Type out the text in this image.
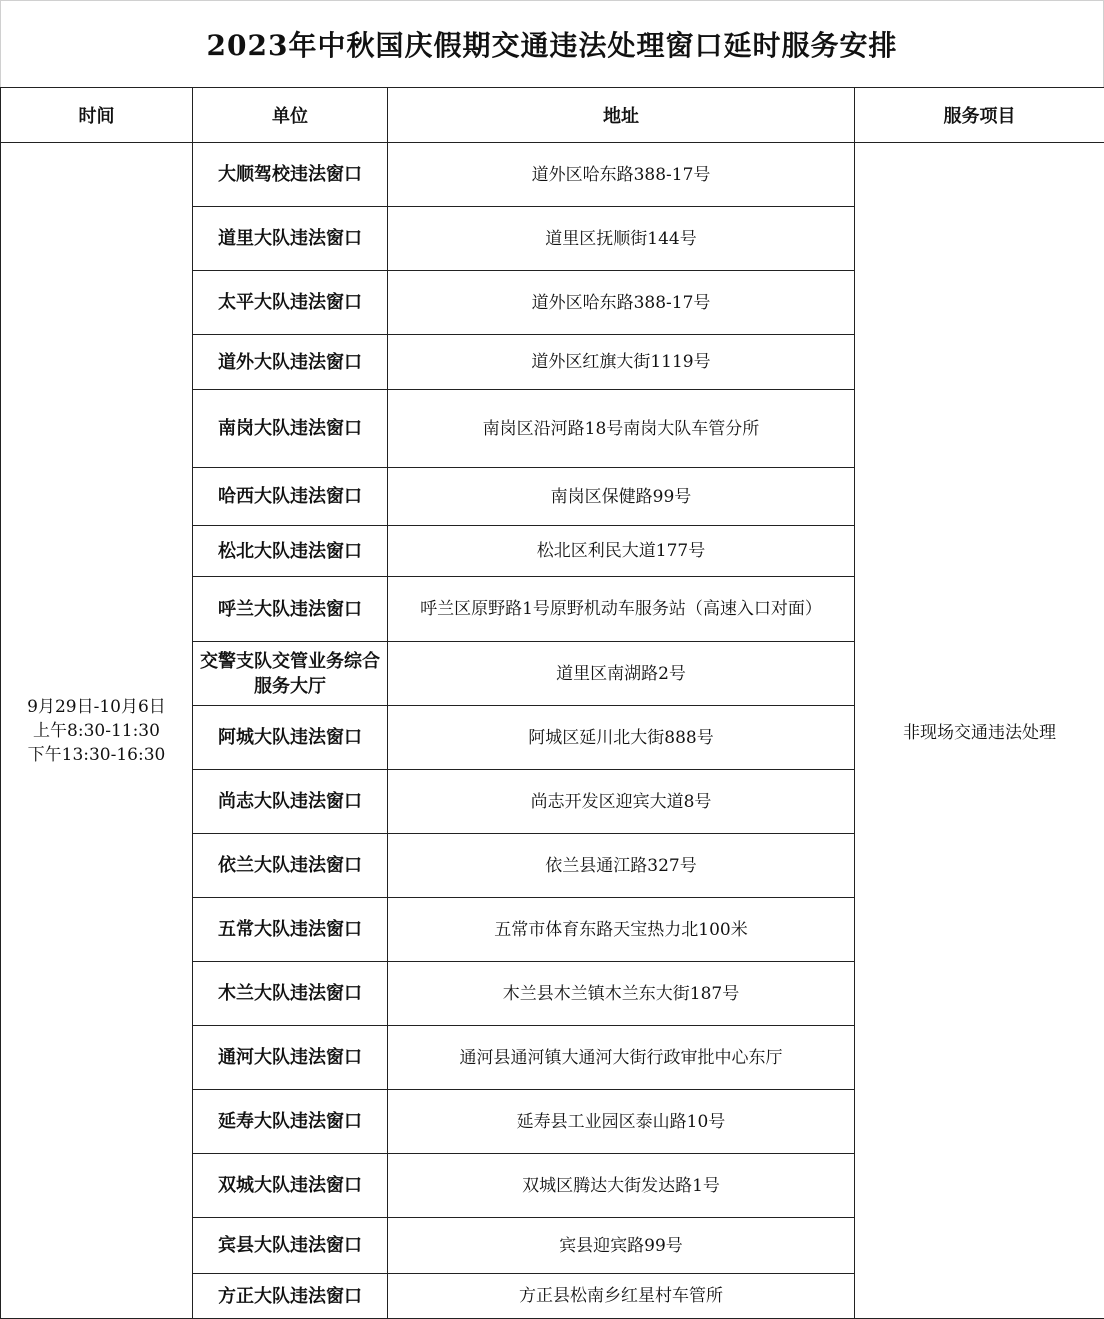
2023年中秋国庆假期交通违法处理窗口延时服务安排
时间	单位	地址	服务项目

9月29日-10月6日
上午8:30-11:30
下午13:30-16:30	大顺驾校违法窗口	道外区哈东路388-17号	非现场交通违法处理
	道里大队违法窗口	道里区抚顺街144号	
	太平大队违法窗口	道外区哈东路388-17号	
	道外大队违法窗口	道外区红旗大街1119号	
	南岗大队违法窗口	南岗区沿河路18号南岗大队车管分所	
	哈西大队违法窗口	南岗区保健路99号	
	松北大队违法窗口	松北区利民大道177号	
	呼兰大队违法窗口	呼兰区原野路1号原野机动车服务站（高速入口对面）	
	交警支队交管业务综合服务大厅	道里区南湖路2号	
	阿城大队违法窗口	阿城区延川北大街888号	
	尚志大队违法窗口	尚志开发区迎宾大道8号	
	依兰大队违法窗口	依兰县通江路327号	
	五常大队违法窗口	五常市体育东路天宝热力北100米	
	木兰大队违法窗口	木兰县木兰镇木兰东大街187号	
	通河大队违法窗口	通河县通河镇大通河大街行政审批中心东厅	
	延寿大队违法窗口	延寿县工业园区泰山路10号	
	双城大队违法窗口	双城区腾达大街发达路1号	
	宾县大队违法窗口	宾县迎宾路99号	
	方正大队违法窗口	方正县松南乡红星村车管所	
